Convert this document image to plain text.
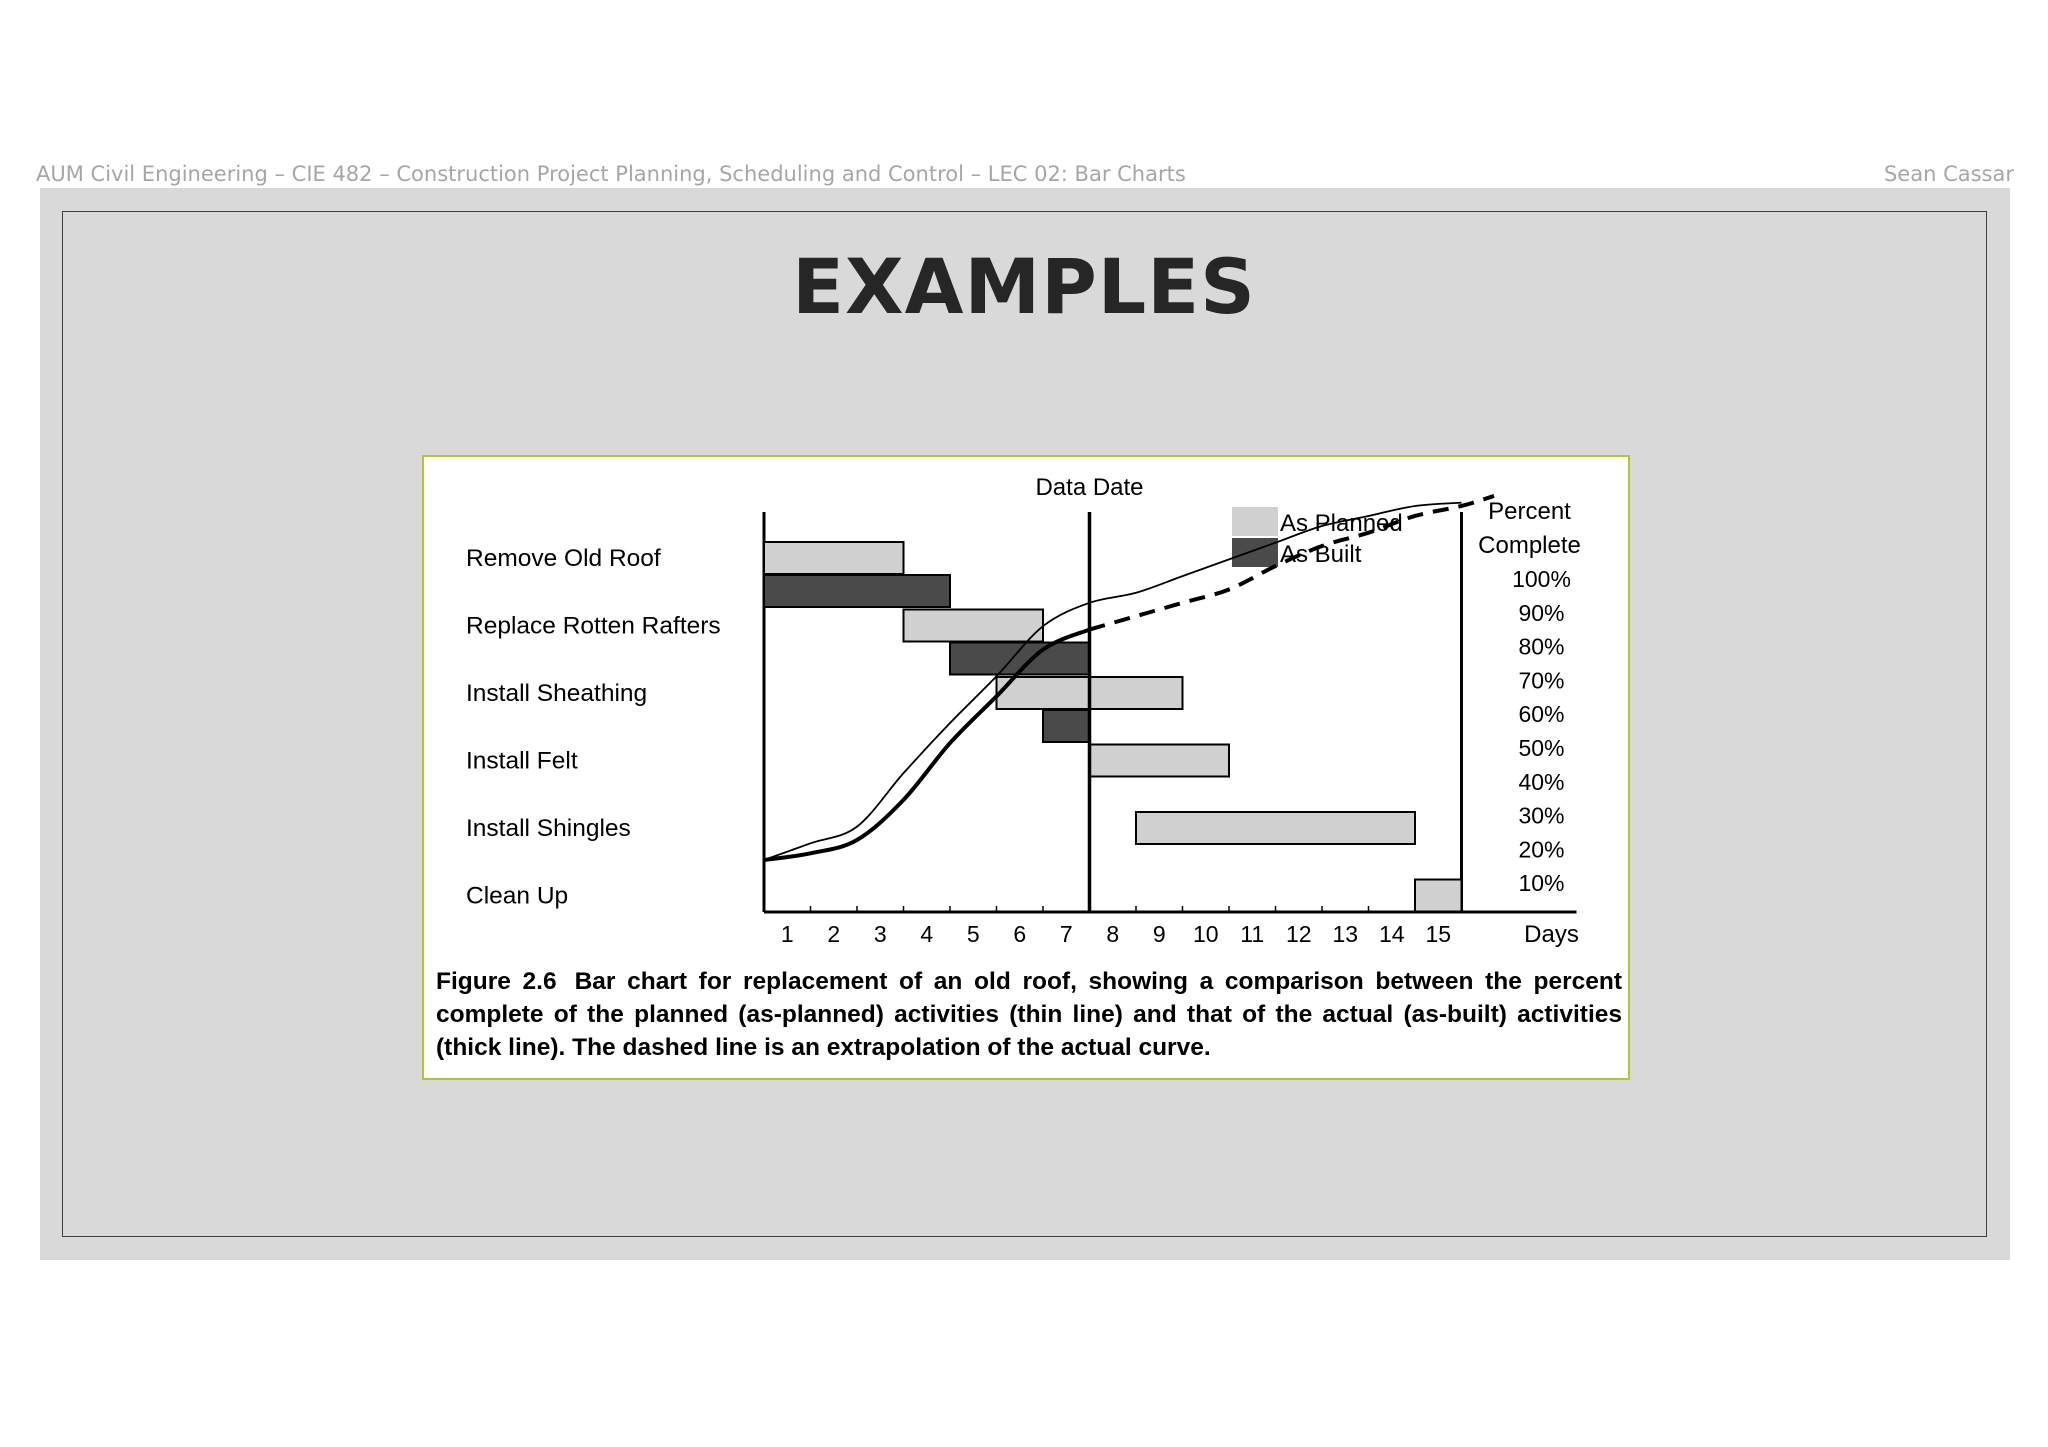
AUM Civil Engineering – CIE 482 – Construction Project Planning, Scheduling and Control – LEC 02: Bar Charts	Sean Cassar
EXAMPLES
Remove Old Roof
Replace Rotten Rafters
Install Sheathing
Install Felt
Install Shingles
Clean Up
Data Date
1 2 3 4 5 6 7 8 9 10 11 12 13 14 15	Days
Percent
Complete
100%
90%
80%
70%
60%
50%
40%
30%
20%
10%
As Planned
As Built
Figure 2.6 Bar chart for replacement of an old roof, showing a comparison between the percent complete of the planned (as-planned) activities (thin line) and that of the actual (as-built) activities (thick line). The dashed line is an extrapolation of the actual curve.
